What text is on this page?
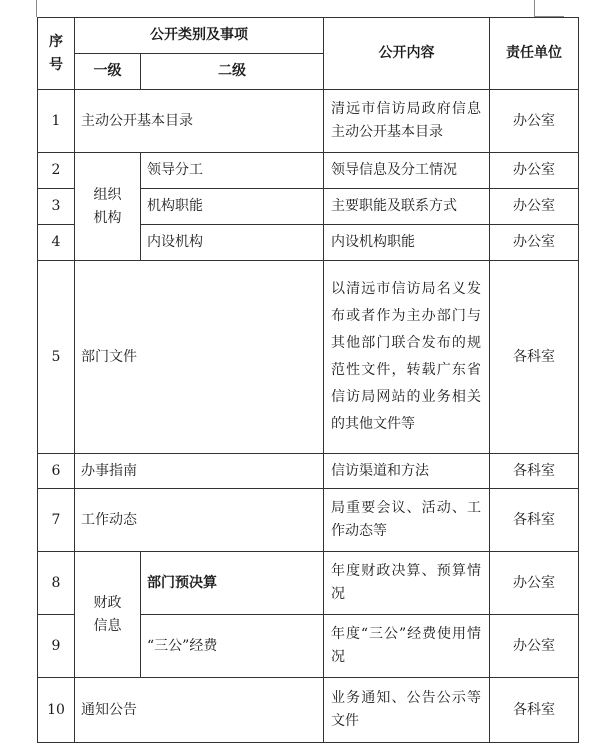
序号	公开类别及事项		公开内容	责任单位
	一级	二级		
1	主动公开基本目录		清远市信访局政府信息主动公开基本目录	办公室
2	组织机构	领导分工	领导信息及分工情况	办公室
3		机构职能	主要职能及联系方式	办公室
4		内设机构	内设机构职能	办公室
5	部门文件		以清远市信访局名义发布或者作为主办部门与其他部门联合发布的规范性文件，转载广东省信访局网站的业务相关的其他文件等	各科室
6	办事指南		信访渠道和方法	各科室
7	工作动态		局重要会议、活动、工作动态等	各科室
8	财政信息	部门预决算	年度财政决算、预算情况	办公室
9		“三公”经费	年度“三公”经费使用情况	办公室
10	通知公告		业务通知、公告公示等文件	各科室
